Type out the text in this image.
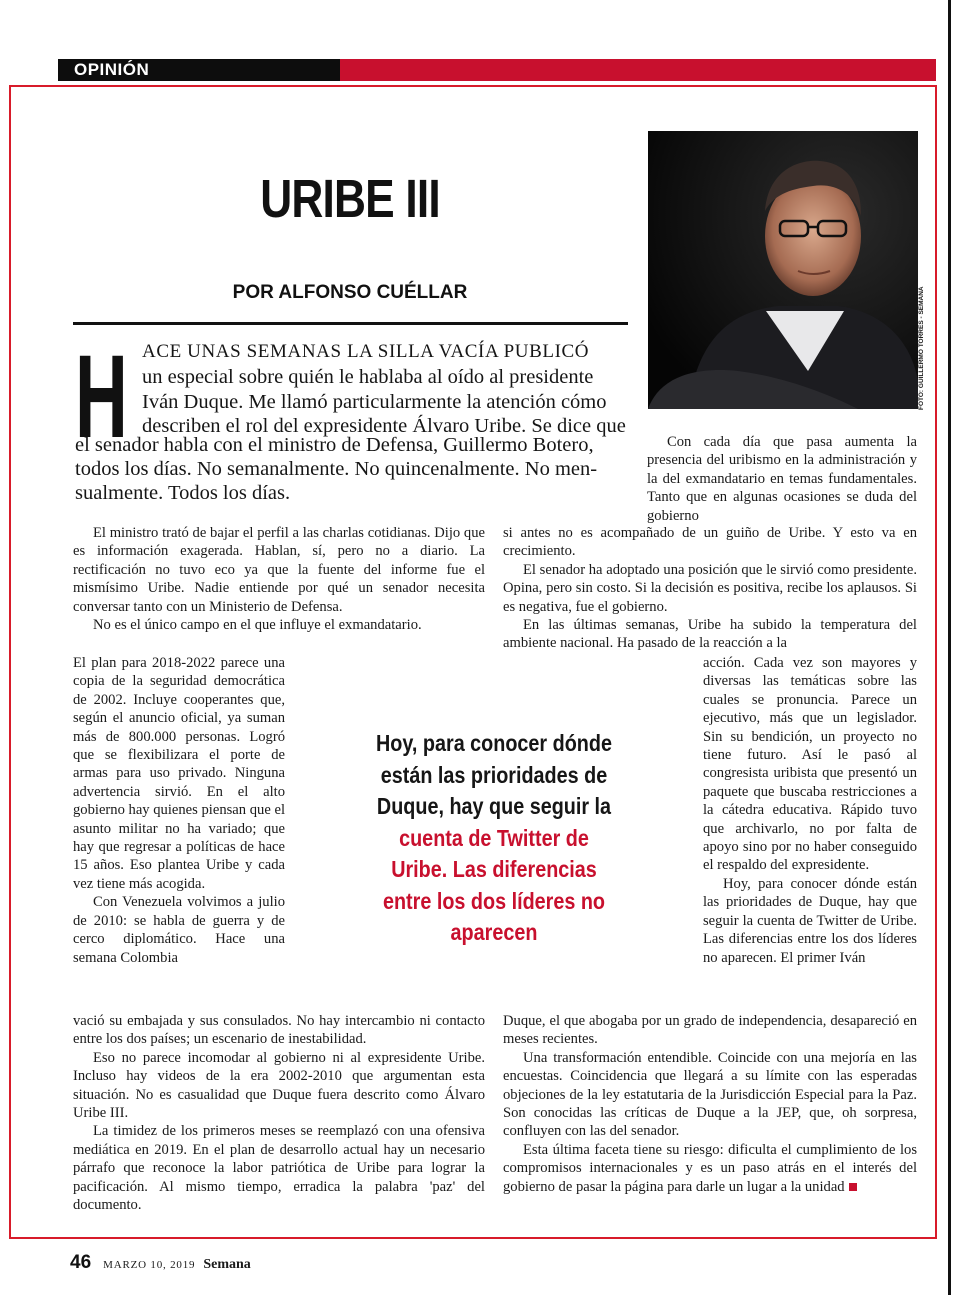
OPINIÓN
URIBE III
POR ALFONSO CUÉLLAR	FOTO: GUILLERMO TORRES - SEMANA
H ACE UNAS SEMANAS LA SILLA VACÍA PUBLICÓ
un especial sobre quién le hablaba al oído al presidente
Iván Duque. Me llamó particularmente la atención cómo
describen el rol del expresidente Álvaro Uribe. Se dice que
el senador habla con el ministro de Defensa, Guillermo Botero,
todos los días. No semanalmente. No quincenalmente. No men-
sualmente. Todos los días.

El ministro trató de bajar el perfil a las charlas cotidianas. Dijo que es información exagerada. Hablan, sí, pero no a diario. La rectificación no tuvo eco ya que la fuente del informe fue el mismísimo Uribe. Nadie entiende por qué un senador necesita conversar tanto con un Ministerio de Defensa.

No es el único campo en el que influye el exmandatario.

El plan para 2018-2022 parece una copia de la seguridad democrática de 2002. Incluye cooperantes que, según el anuncio oficial, ya suman más de 800.000 personas. Logró que se flexibilizara el porte de armas para uso privado. Ninguna advertencia sirvió. En el alto gobierno hay quienes piensan que el asunto militar no ha variado; que hay que regresar a políticas de hace 15 años. Eso plantea Uribe y cada vez tiene más acogida.

Con Venezuela volvimos a julio de 2010: se habla de guerra y de cerco diplomático. Hace una semana Colombia

vació su embajada y sus consulados. No hay intercambio ni contacto entre los dos países; un escenario de inestabilidad.

Eso no parece incomodar al gobierno ni al expresidente Uribe. Incluso hay videos de la era 2002-2010 que argumentan esta situación. No es casualidad que Duque fuera descrito como Álvaro Uribe III.

La timidez de los primeros meses se reemplazó con una ofensiva mediática en 2019. En el plan de desarrollo actual hay un necesario párrafo que reconoce la labor patriótica de Uribe para lograr la pacificación. Al mismo tiempo, erradica la palabra 'paz' del documento.

Con cada día que pasa aumenta la presencia del uribismo en la administración y la del exmandatario en temas fundamentales. Tanto que en algunas ocasiones se duda del gobierno

si antes no es acompañado de un guiño de Uribe. Y esto va en crecimiento.

El senador ha adoptado una posición que le sirvió como presidente. Opina, pero sin costo. Si la decisión es positiva, recibe los aplausos. Si es negativa, fue el gobierno.

En las últimas semanas, Uribe ha subido la temperatura del ambiente nacional. Ha pasado de la reacción a la

acción. Cada vez son mayores y diversas las temáticas sobre las cuales se pronuncia. Parece un ejecutivo, más que un legislador. Sin su bendición, un proyecto no tiene futuro. Así le pasó al congresista uribista que presentó un paquete que buscaba restricciones a la cátedra educativa. Rápido tuvo que archivarlo, no por falta de apoyo sino por no haber conseguido el respaldo del expresidente.

Hoy, para conocer dónde están las prioridades de Duque, hay que seguir la cuenta de Twitter de Uribe. Las diferencias entre los dos líderes no aparecen. El primer Iván

Duque, el que abogaba por un grado de independencia, desapareció en meses recientes.

Una transformación entendible. Coincide con una mejoría en las encuestas. Coincidencia que llegará a su límite con las esperadas objeciones de la ley estatutaria de la Jurisdicción Especial para la Paz. Son conocidas las críticas de Duque a la JEP, que, oh sorpresa, confluyen con las del senador.

Esta última faceta tiene su riesgo: dificulta el cumplimiento de los compromisos internacionales y es un paso atrás en el interés del gobierno de pasar la página para darle un lugar a la unidad

Hoy, para conocer dónde
están las prioridades de
Duque, hay que seguir la
cuenta de Twitter de
Uribe. Las diferencias
entre los dos líderes no
aparecen
46 MARZO 10, 2019 Semana
